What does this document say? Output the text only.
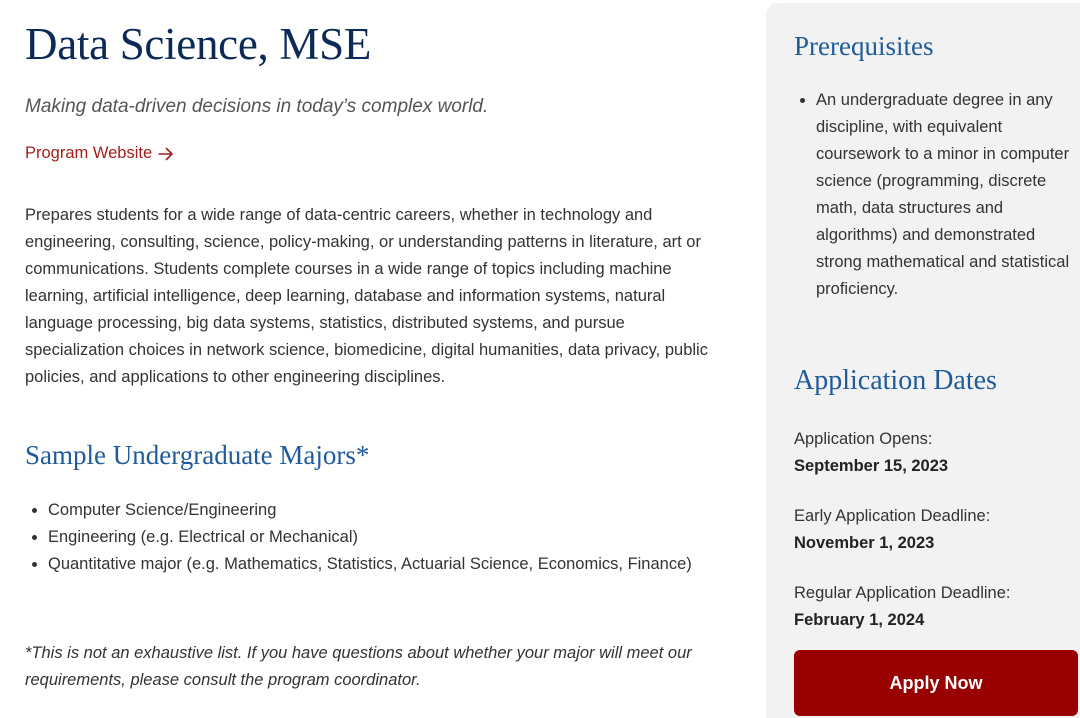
Data Science, MSE

Making data-driven decisions in today’s complex world.

Program Website

Prepares students for a wide range of data-centric careers, whether in technology and engineering, consulting, science, policy-making, or understanding patterns in literature, art or communications. Students complete courses in a wide range of topics including machine learning, artificial intelligence, deep learning, database and information systems, natural language processing, big data systems, statistics, distributed systems, and pursue specialization choices in network science, biomedicine, digital humanities, data privacy, public policies, and applications to other engineering disciplines.

Sample Undergraduate Majors*
• Computer Science/Engineering
• Engineering (e.g. Electrical or Mechanical)
• Quantitative major (e.g. Mathematics, Statistics, Actuarial Science, Economics, Finance)

*This is not an exhaustive list. If you have questions about whether your major will meet our requirements, please consult the program coordinator.

Prerequisites
• An undergraduate degree in any discipline, with equivalent coursework to a minor in computer science (programming, discrete math, data structures and algorithms) and demonstrated strong mathematical and statistical proficiency.
Application Dates
Application Opens:
September 15, 2023
Early Application Deadline:
November 1, 2023
Regular Application Deadline:
February 1, 2024
Apply Now
